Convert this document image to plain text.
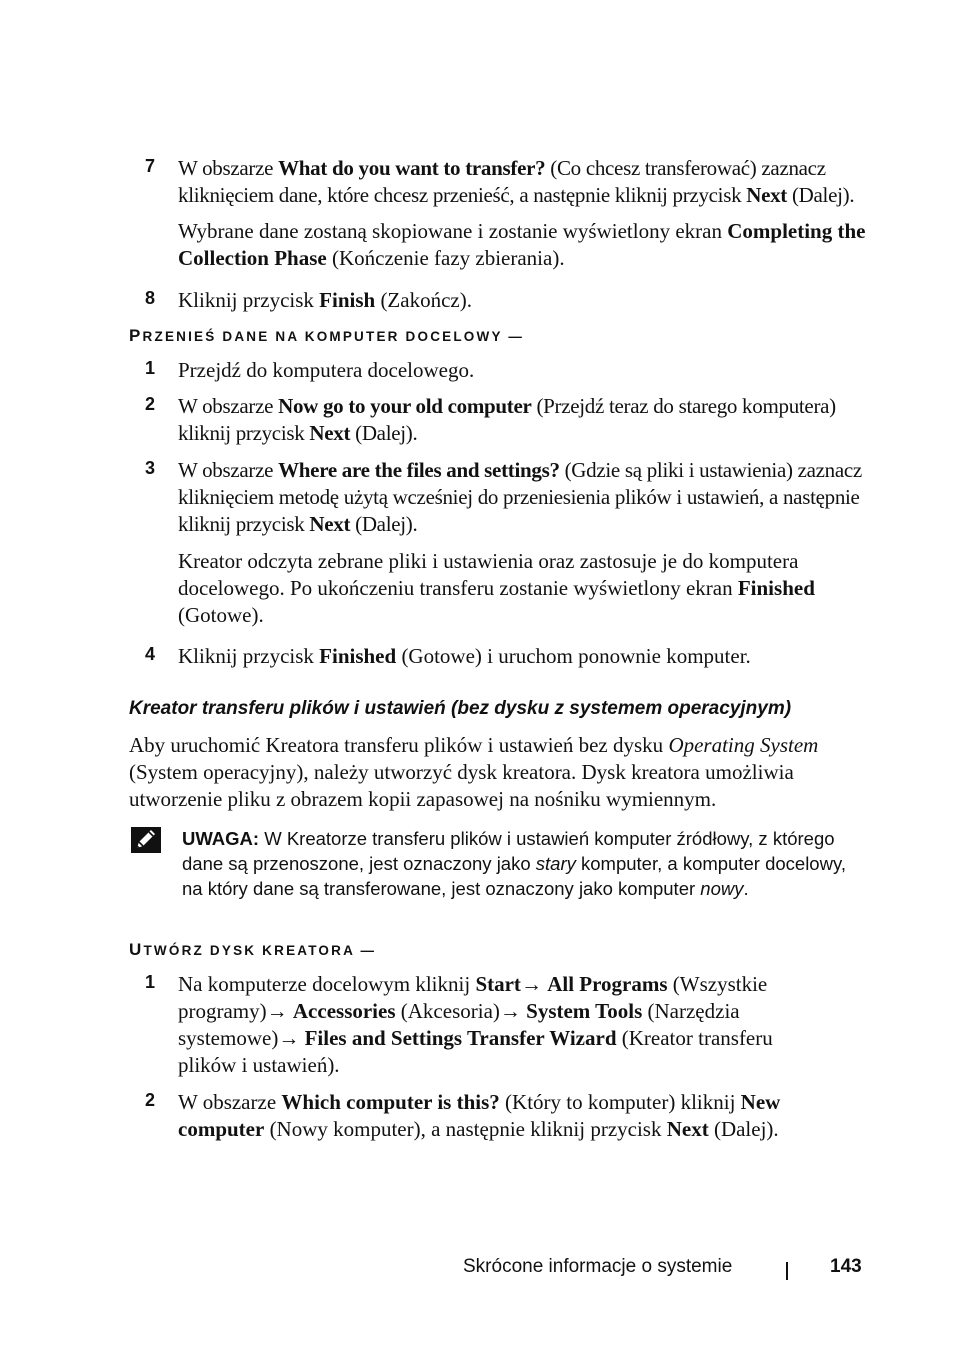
7 W obszarze What do you want to transfer? (Co chcesz transferować) zaznacz kliknięciem dane, które chcesz przenieść, a następnie kliknij przycisk Next (Dalej).
Wybrane dane zostaną skopiowane i zostanie wyświetlony ekran Completing the Collection Phase (Kończenie fazy zbierania).
8 Kliknij przycisk Finish (Zakończ).
PRZENIEŚ DANE NA KOMPUTER DOCELOWY —
1 Przejdź do komputera docelowego.
2 W obszarze Now go to your old computer (Przejdź teraz do starego komputera) kliknij przycisk Next (Dalej).
3 W obszarze Where are the files and settings? (Gdzie są pliki i ustawienia) zaznacz kliknięciem metodę użytą wcześniej do przeniesienia plików i ustawień, a następnie kliknij przycisk Next (Dalej).
Kreator odczyta zebrane pliki i ustawienia oraz zastosuje je do komputera docelowego. Po ukończeniu transferu zostanie wyświetlony ekran Finished (Gotowe).
4 Kliknij przycisk Finished (Gotowe) i uruchom ponownie komputer.
Kreator transferu plików i ustawień (bez dysku z systemem operacyjnym)
Aby uruchomić Kreatora transferu plików i ustawień bez dysku Operating System (System operacyjny), należy utworzyć dysk kreatora. Dysk kreatora umożliwia utworzenie pliku z obrazem kopii zapasowej na nośniku wymiennym.
UWAGA: W Kreatorze transferu plików i ustawień komputer źródłowy, z którego dane są przenoszone, jest oznaczony jako stary komputer, a komputer docelowy, na który dane są transferowane, jest oznaczony jako komputer nowy.
UTWÓRZ DYSK KREATORA —
1 Na komputerze docelowym kliknij Start→ All Programs (Wszystkie programy)→ Accessories (Akcesoria)→ System Tools (Narzędzia systemowe)→ Files and Settings Transfer Wizard (Kreator transferu plików i ustawień).
2 W obszarze Which computer is this? (Który to komputer) kliknij New computer (Nowy komputer), a następnie kliknij przycisk Next (Dalej).
Skrócone informacje o systemie	143
